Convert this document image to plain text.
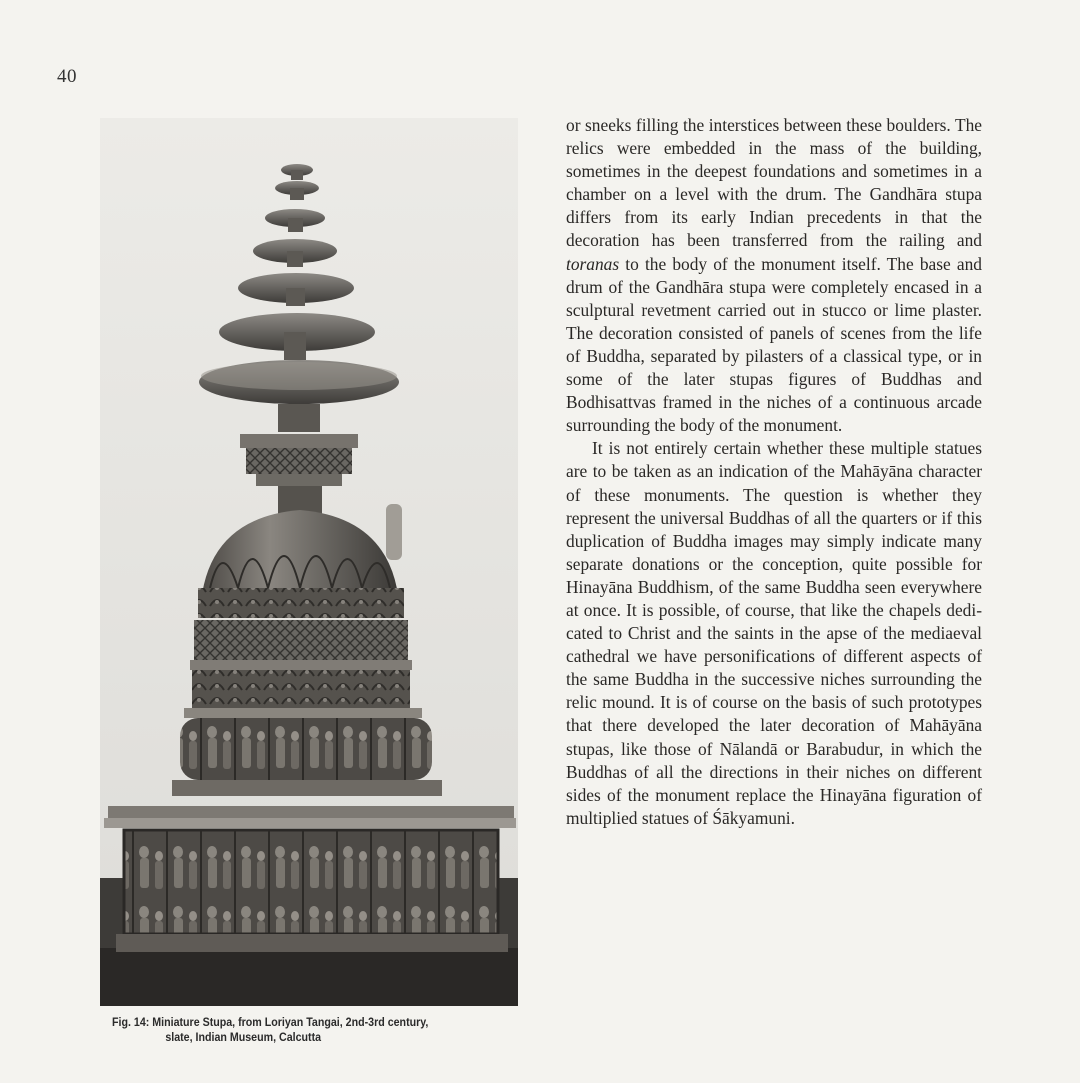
40
Fig. 14: Miniature Stupa, from Loriyan Tangai, 2nd-3rd century,
slate, Indian Museum, Calcutta

or sneeks filling the interstices between these boulders. The relics were embedded in the mass of the building, sometimes in the deepest foundations and sometimes in a chamber on a level with the drum. The Gandhāra stupa differs from its early Indian precedents in that the decoration has been transferred from the railing and toranas to the body of the monument itself. The base and drum of the Gandhāra stupa were completely encased in a sculptural revetment carried out in stucco or lime plaster. The decoration consisted of panels of scenes from the life of Buddha, separated by pilasters of a classical type, or in some of the later stupas figures of Buddhas and Bodhisattvas framed in the niches of a continuous arcade surrounding the body of the monument.

It is not entirely certain whether these multiple statues are to be taken as an indication of the Mahāyāna character of these monuments. The question is whether they represent the universal Buddhas of all the quarters or if this duplication of Buddha images may simply indicate many separate donations or the conception, quite possible for Hinayāna Buddhism, of the same Buddha seen everywhere at once. It is possible, of course, that like the chapels dedicated to Christ and the saints in the apse of the mediaeval cathedral we have personifications of different aspects of the same Buddha in the successive niches surrounding the relic mound. It is of course on the basis of such prototypes that there developed the later decoration of Mahāyāna stupas, like those of Nālandā or Barabudur, in which the Buddhas of all the directions in their niches on different sides of the monument replace the Hinayāna figuration of multiplied statues of Śākyamuni.
